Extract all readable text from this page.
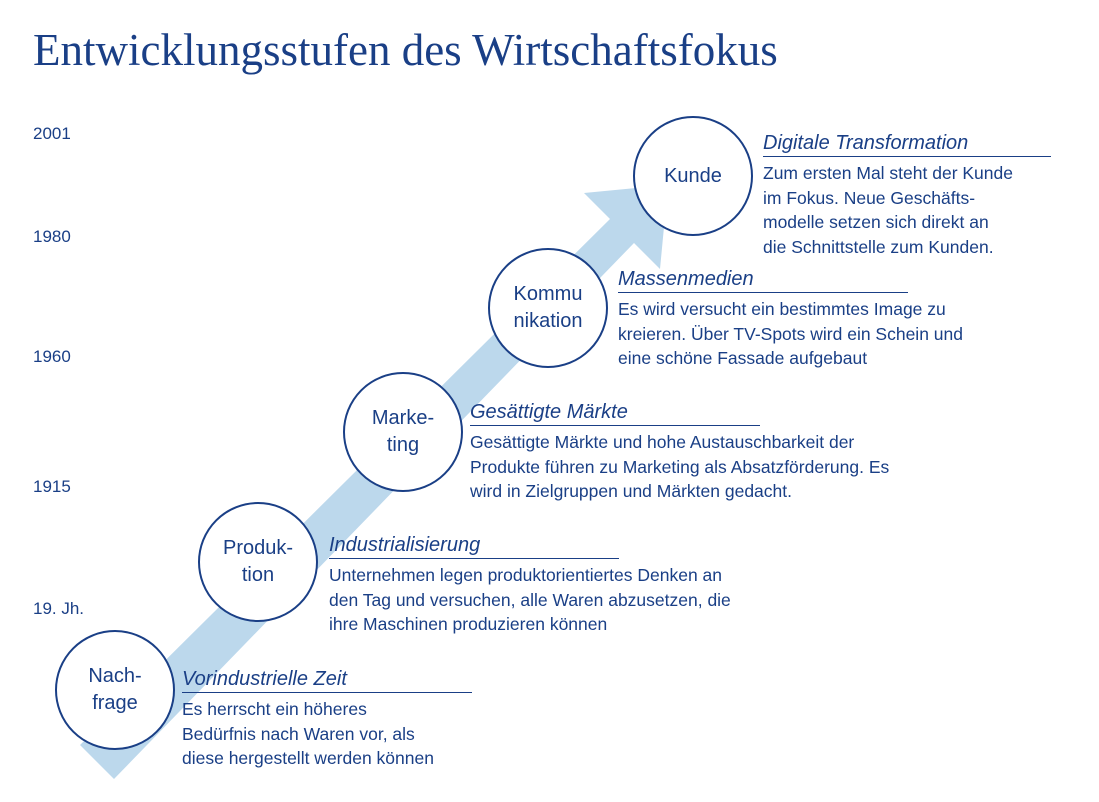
Entwicklungsstufen des Wirtschaftsfokus
2001
1980
1960
1915
19. Jh.
Nach-
frage
Vorindustrielle Zeit
Es herrscht ein höheres
Bedürfnis nach Waren vor, als
diese hergestellt werden können
Produk-
tion
Industrialisierung
Unternehmen legen produktorientiertes Denken an
den Tag und versuchen, alle Waren abzusetzen, die
ihre Maschinen produzieren können
Marke-
ting
Gesättigte Märkte
Gesättigte Märkte und hohe Austauschbarkeit der
Produkte führen zu Marketing als Absatzförderung. Es
wird in Zielgruppen und Märkten gedacht.
Kommu
nikation
Massenmedien
Es wird versucht ein bestimmtes Image zu
kreieren. Über TV-Spots wird ein Schein und
eine schöne Fassade aufgebaut
Kunde
Digitale Transformation
Zum ersten Mal steht der Kunde
im Fokus. Neue Geschäfts-
modelle setzen sich direkt an
die Schnittstelle zum Kunden.
